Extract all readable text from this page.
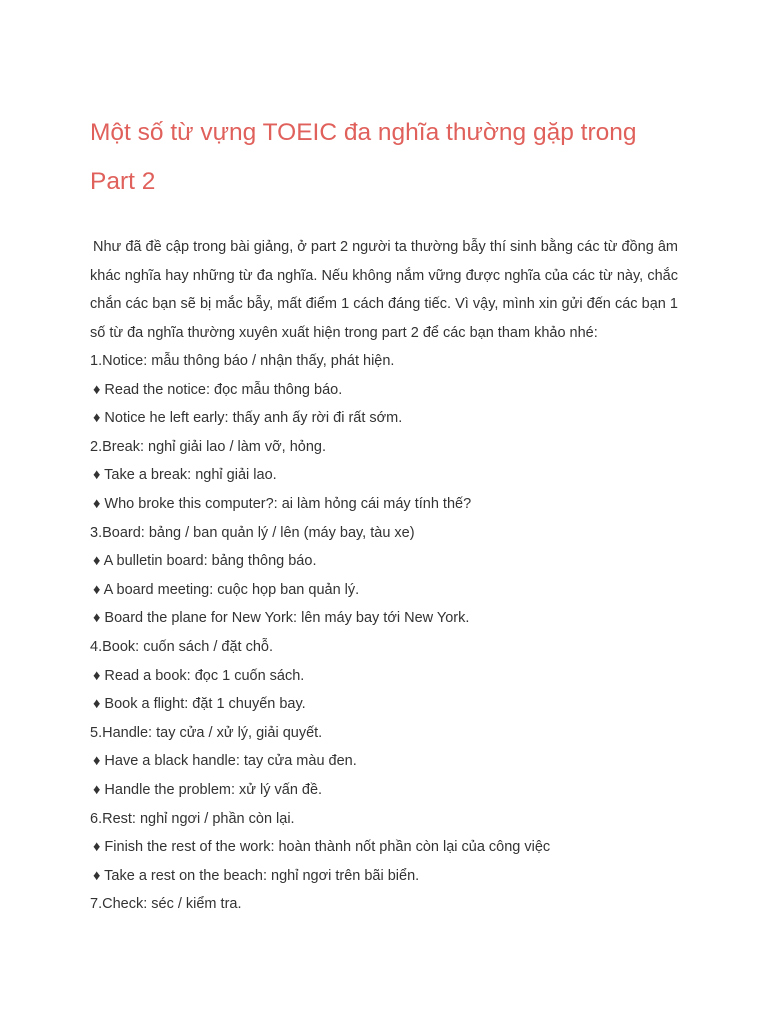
Một số từ vựng TOEIC đa nghĩa thường gặp trong Part 2

Như đã đề cập trong bài giảng, ở part 2 người ta thường bẫy thí sinh bằng các từ đồng âm khác nghĩa hay những từ đa nghĩa. Nếu không nắm vững được nghĩa của các từ này, chắc chắn các bạn sẽ bị mắc bẫy, mất điểm 1 cách đáng tiếc. Vì vậy, mình xin gửi đến các bạn 1 số từ đa nghĩa thường xuyên xuất hiện trong part 2 để các bạn tham khảo nhé:

1.Notice: mẫu thông báo / nhận thấy, phát hiện.
♦ Read the notice: đọc mẫu thông báo.
♦ Notice he left early: thấy anh ấy rời đi rất sớm.
2.Break: nghỉ giải lao / làm vỡ, hỏng.
♦ Take a break: nghỉ giải lao.
♦ Who broke this computer?: ai làm hỏng cái máy tính thế?
3.Board: bảng / ban quản lý / lên (máy bay, tàu xe)
♦ A bulletin board: bảng thông báo.
♦ A board meeting: cuộc họp ban quản lý.
♦ Board the plane for New York: lên máy bay tới New York.
4.Book: cuốn sách / đặt chỗ.
♦ Read a book: đọc 1 cuốn sách.
♦ Book a flight: đặt 1 chuyến bay.
5.Handle: tay cửa / xử lý, giải quyết.
♦ Have a black handle: tay cửa màu đen.
♦ Handle the problem: xử lý vấn đề.
6.Rest: nghỉ ngơi / phần còn lại.
♦ Finish the rest of the work: hoàn thành nốt phần còn lại của công việc
♦ Take a rest on the beach: nghỉ ngơi trên bãi biển.
7.Check: séc / kiểm tra.
